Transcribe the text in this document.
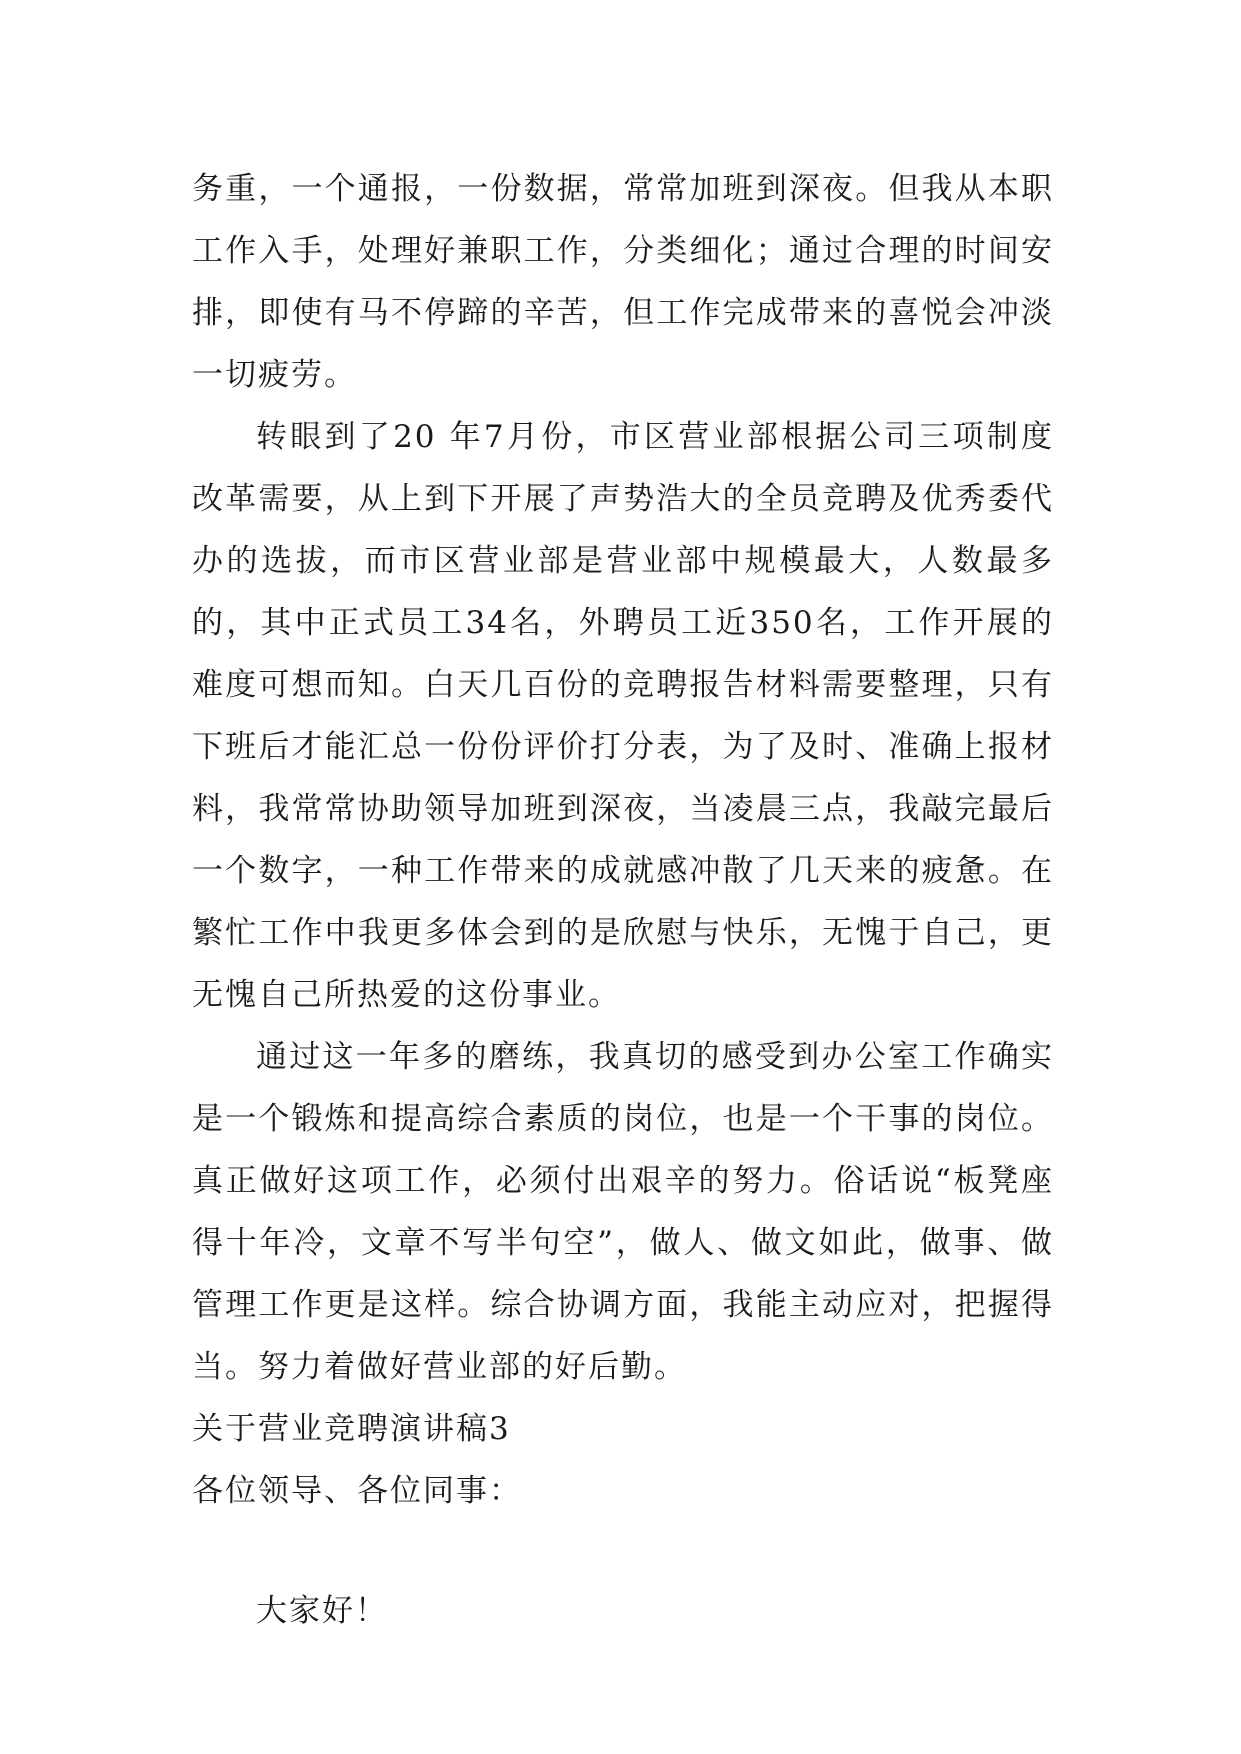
务重，一个通报，一份数据，常常加班到深夜。但我从本职工作入手，处理好兼职工作，分类细化；通过合理的时间安排，即使有马不停蹄的辛苦，但工作完成带来的喜悦会冲淡一切疲劳。

转眼到了20 年7月份，市区营业部根据公司三项制度改革需要，从上到下开展了声势浩大的全员竞聘及优秀委代办的选拔，而市区营业部是营业部中规模最大，人数最多的，其中正式员工34名，外聘员工近350名，工作开展的难度可想而知。白天几百份的竞聘报告材料需要整理，只有下班后才能汇总一份份评价打分表，为了及时、准确上报材料，我常常协助领导加班到深夜，当凌晨三点，我敲完最后一个数字，一种工作带来的成就感冲散了几天来的疲惫。在繁忙工作中我更多体会到的是欣慰与快乐，无愧于自己，更无愧自己所热爱的这份事业。

通过这一年多的磨练，我真切的感受到办公室工作确实是一个锻炼和提高综合素质的岗位，也是一个干事的岗位。真正做好这项工作，必须付出艰辛的努力。俗话说“板凳座得十年冷，文章不写半句空”，做人、做文如此，做事、做管理工作更是这样。综合协调方面，我能主动应对，把握得当。努力着做好营业部的好后勤。

关于营业竞聘演讲稿3

各位领导、各位同事：

大家好！
